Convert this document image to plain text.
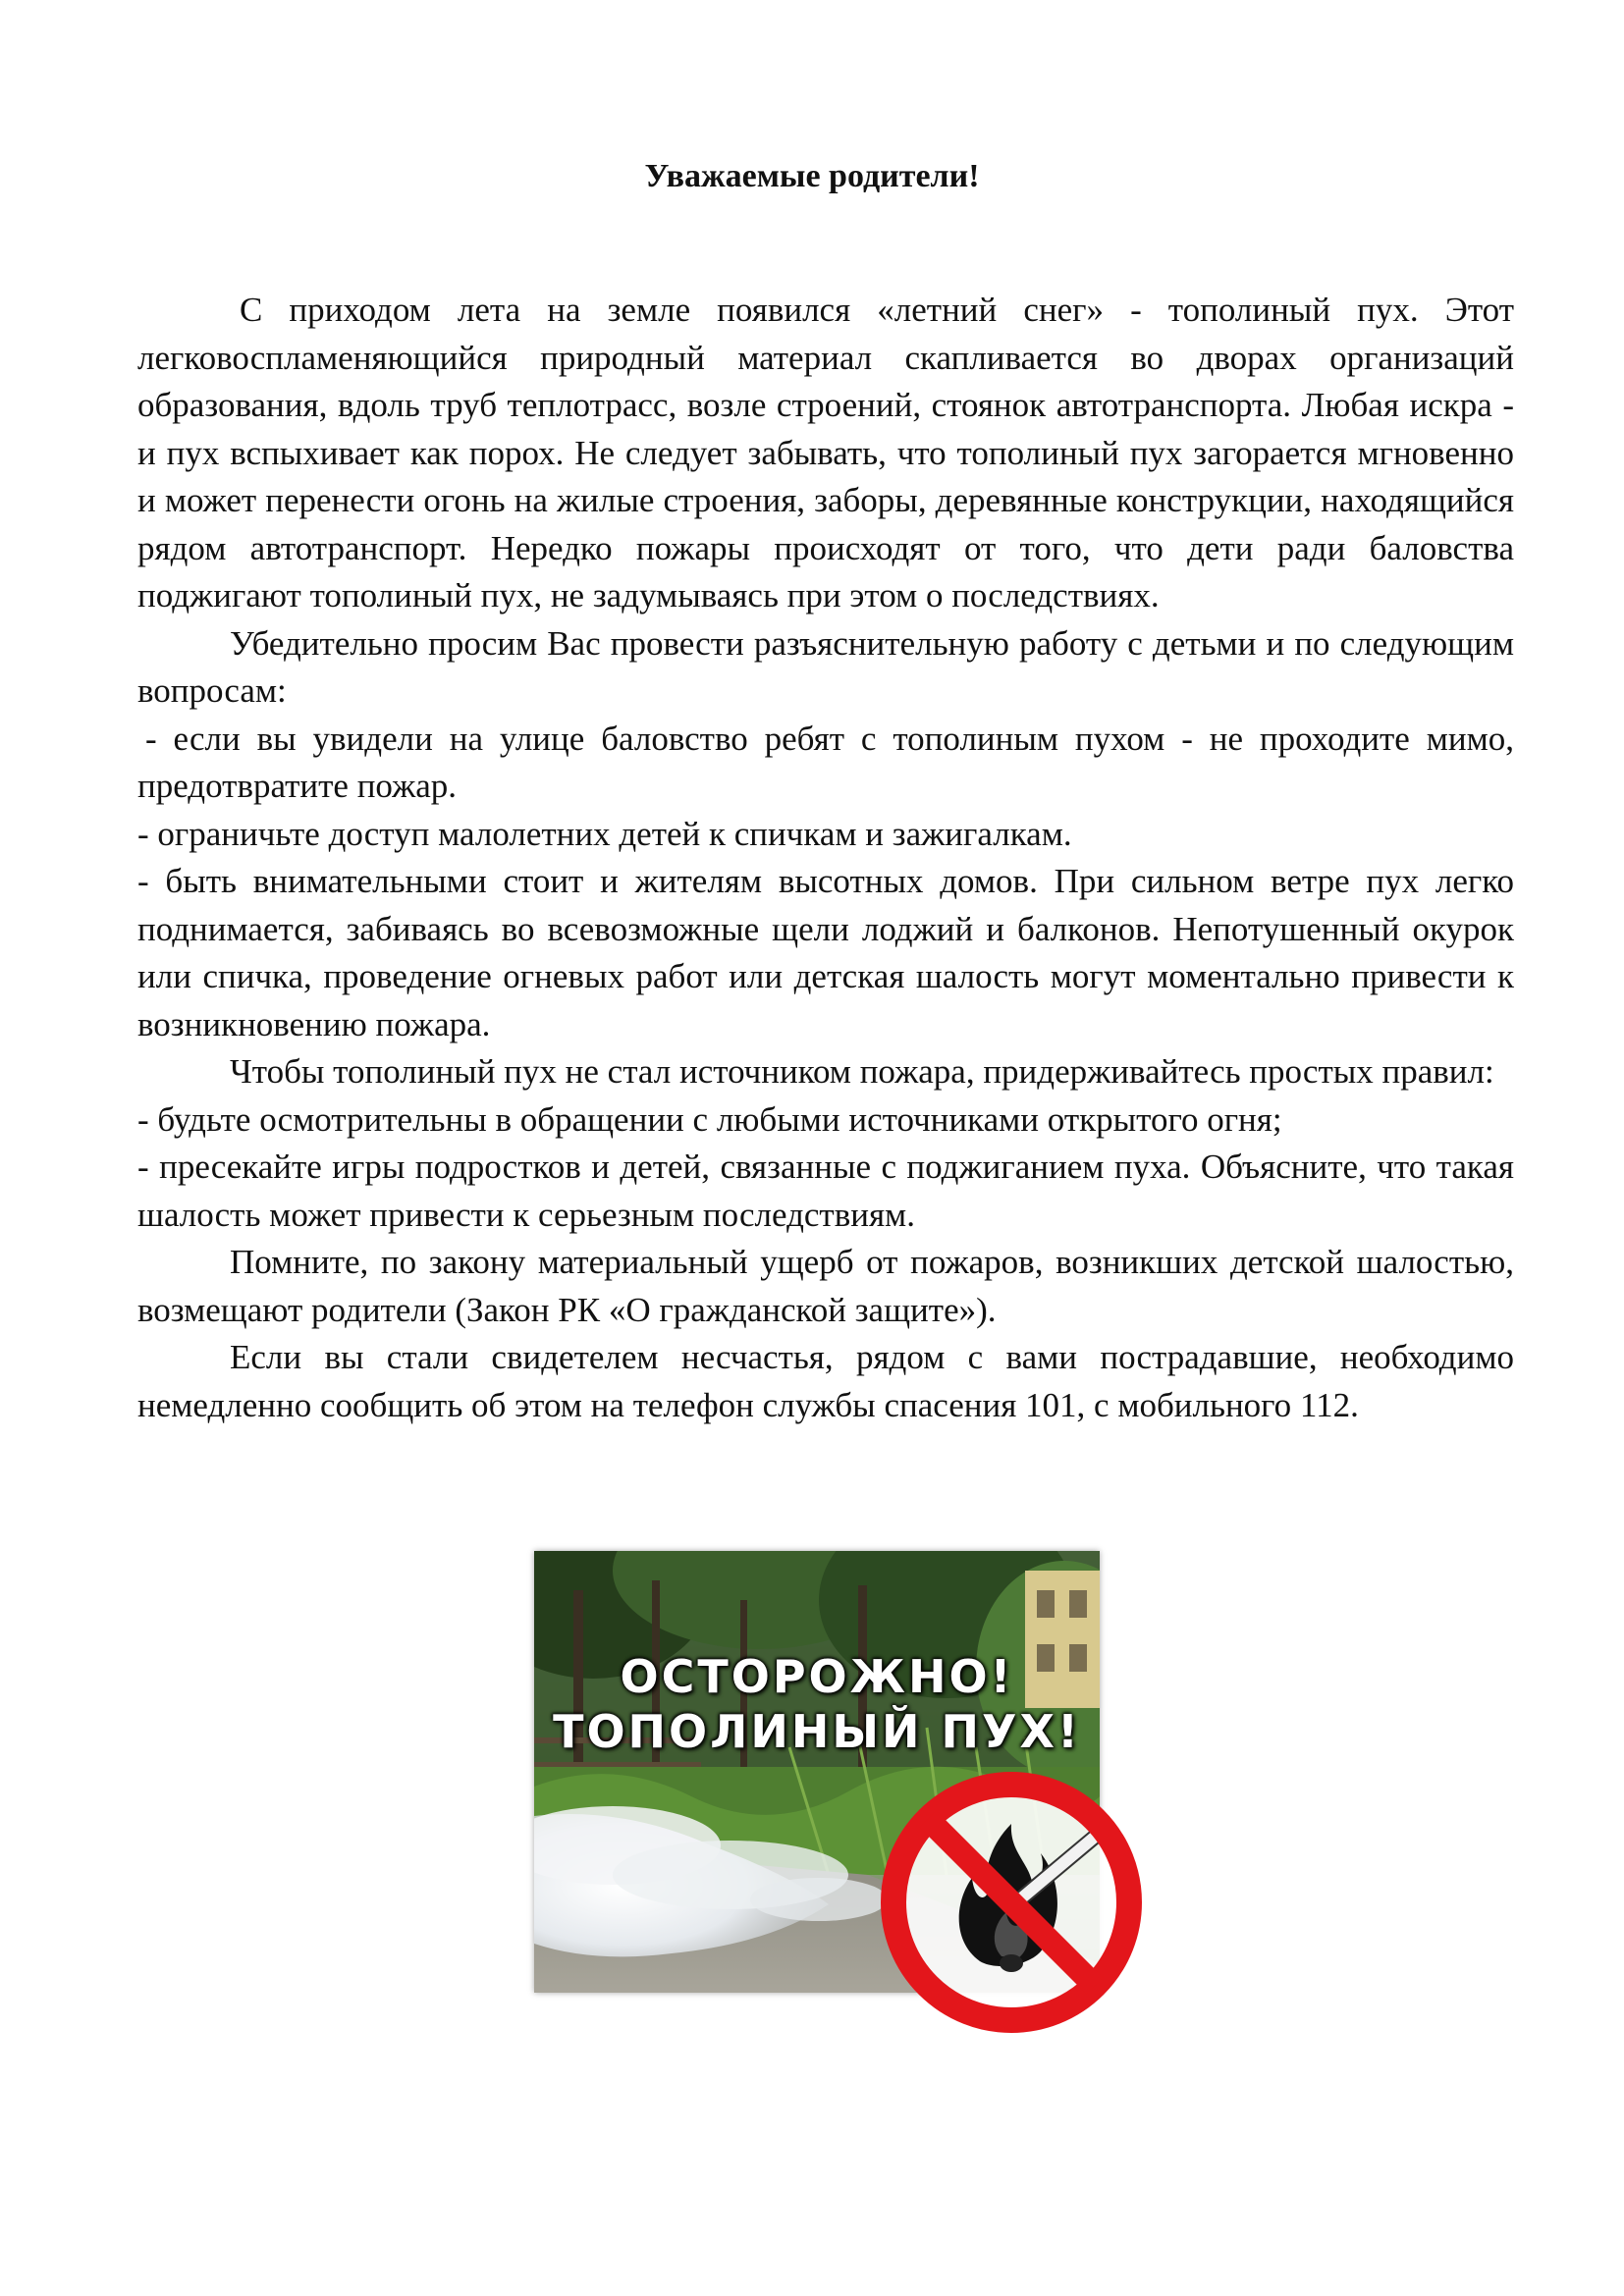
Уважаемые родители!

С приходом лета на земле появился «летний снег» - тополиный пух. Этот легковоспламеняющийся природный материал скапливается во дворах организаций образования, вдоль труб теплотрасс, возле строений, стоянок автотранспорта. Любая искра - и пух вспыхивает как порох. Не следует забывать, что тополиный пух загорается мгновенно и может перенести огонь на жилые строения, заборы, деревянные конструкции, находящийся рядом автотранспорт. Нередко пожары происходят от того, что дети ради баловства поджигают тополиный пух, не задумываясь при этом о последствиях.

Убедительно просим Вас провести разъяснительную работу с детьми и по следующим вопросам:

- если вы увидели на улице баловство ребят с тополиным пухом - не проходите мимо, предотвратите пожар.

- ограничьте доступ малолетних детей к спичкам и зажигалкам.

- быть внимательными стоит и жителям высотных домов. При сильном ветре пух легко поднимается, забиваясь во всевозможные щели лоджий и балконов. Непотушенный окурок или спичка, проведение огневых работ или детская шалость могут моментально привести к возникновению пожара.

Чтобы тополиный пух не стал источником пожара, придерживайтесь простых правил:

- будьте осмотрительны в обращении с любыми источниками открытого огня;

- пресекайте игры подростков и детей, связанные с поджиганием пуха. Объясните, что такая шалость может привести к серьезным последствиям.

Помните, по закону материальный ущерб от пожаров, возникших детской шалостью, возмещают родители (Закон РК «О гражданской защите»).

Если вы стали свидетелем несчастья, рядом с вами пострадавшие, необходимо немедленно сообщить об этом на телефон службы спасения 101, с мобильного 112.

ОСТОРОЖНО!
ТОПОЛИНЫЙ ПУХ!
